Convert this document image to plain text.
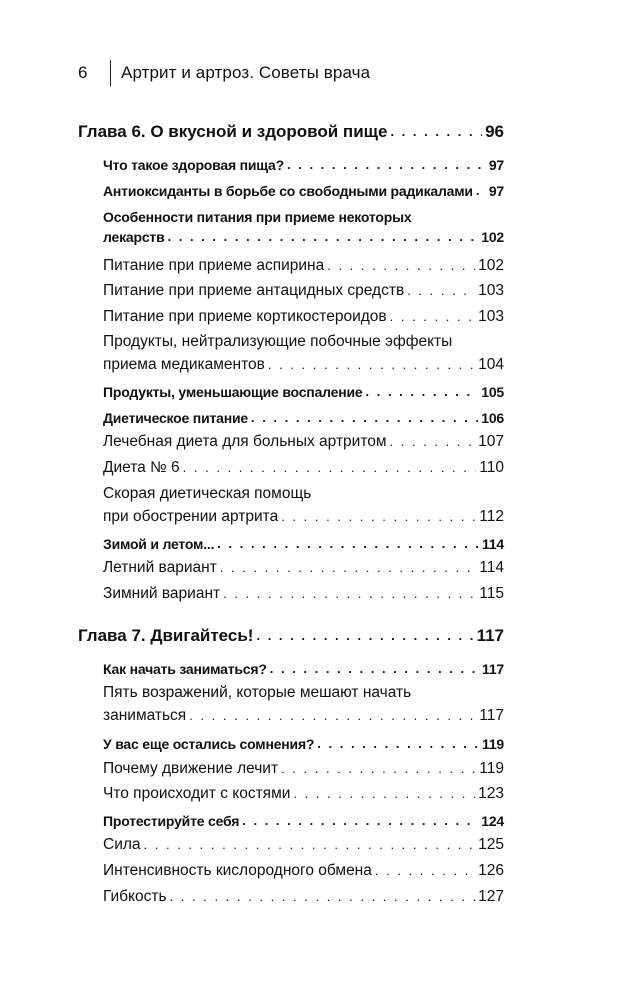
6	Артрит и артроз. Советы врача
Глава 6. О вкусной и здоровой пище . . .	96
Что такое здоровая пища? . . .	97
Антиоксиданты в борьбе со свободными радикалами . . . 97
Особенности питания при приеме некоторых
лекарств . . .	102
Питание при приеме аспирина . . .	102
Питание при приеме антацидных средств . . .	103
Питание при приеме кортикостероидов . . .	103
Продукты, нейтрализующие побочные эффекты
приема медикаментов . . .	104
Продукты, уменьшающие воспаление . . .	105
Диетическое питание . . .	106
Лечебная диета для больных артритом . . .	107
Диета № 6 . . .	110
Скорая диетическая помощь
при обострении артрита . . .	112
Зимой и летом... . . .	114
Летний вариант . . .	114
Зимний вариант . . .	115
Глава 7. Двигайтесь! . . .	117
Как начать заниматься? . . .	117
Пять возражений, которые мешают начать
заниматься . . .	117
У вас еще остались сомнения? . . .	119
Почему движение лечит . . .	119
Что происходит с костями . . .	123
Протестируйте себя . . .	124
Сила . . .	125
Интенсивность кислородного обмена . . .	126
Гибкость . . .	127
